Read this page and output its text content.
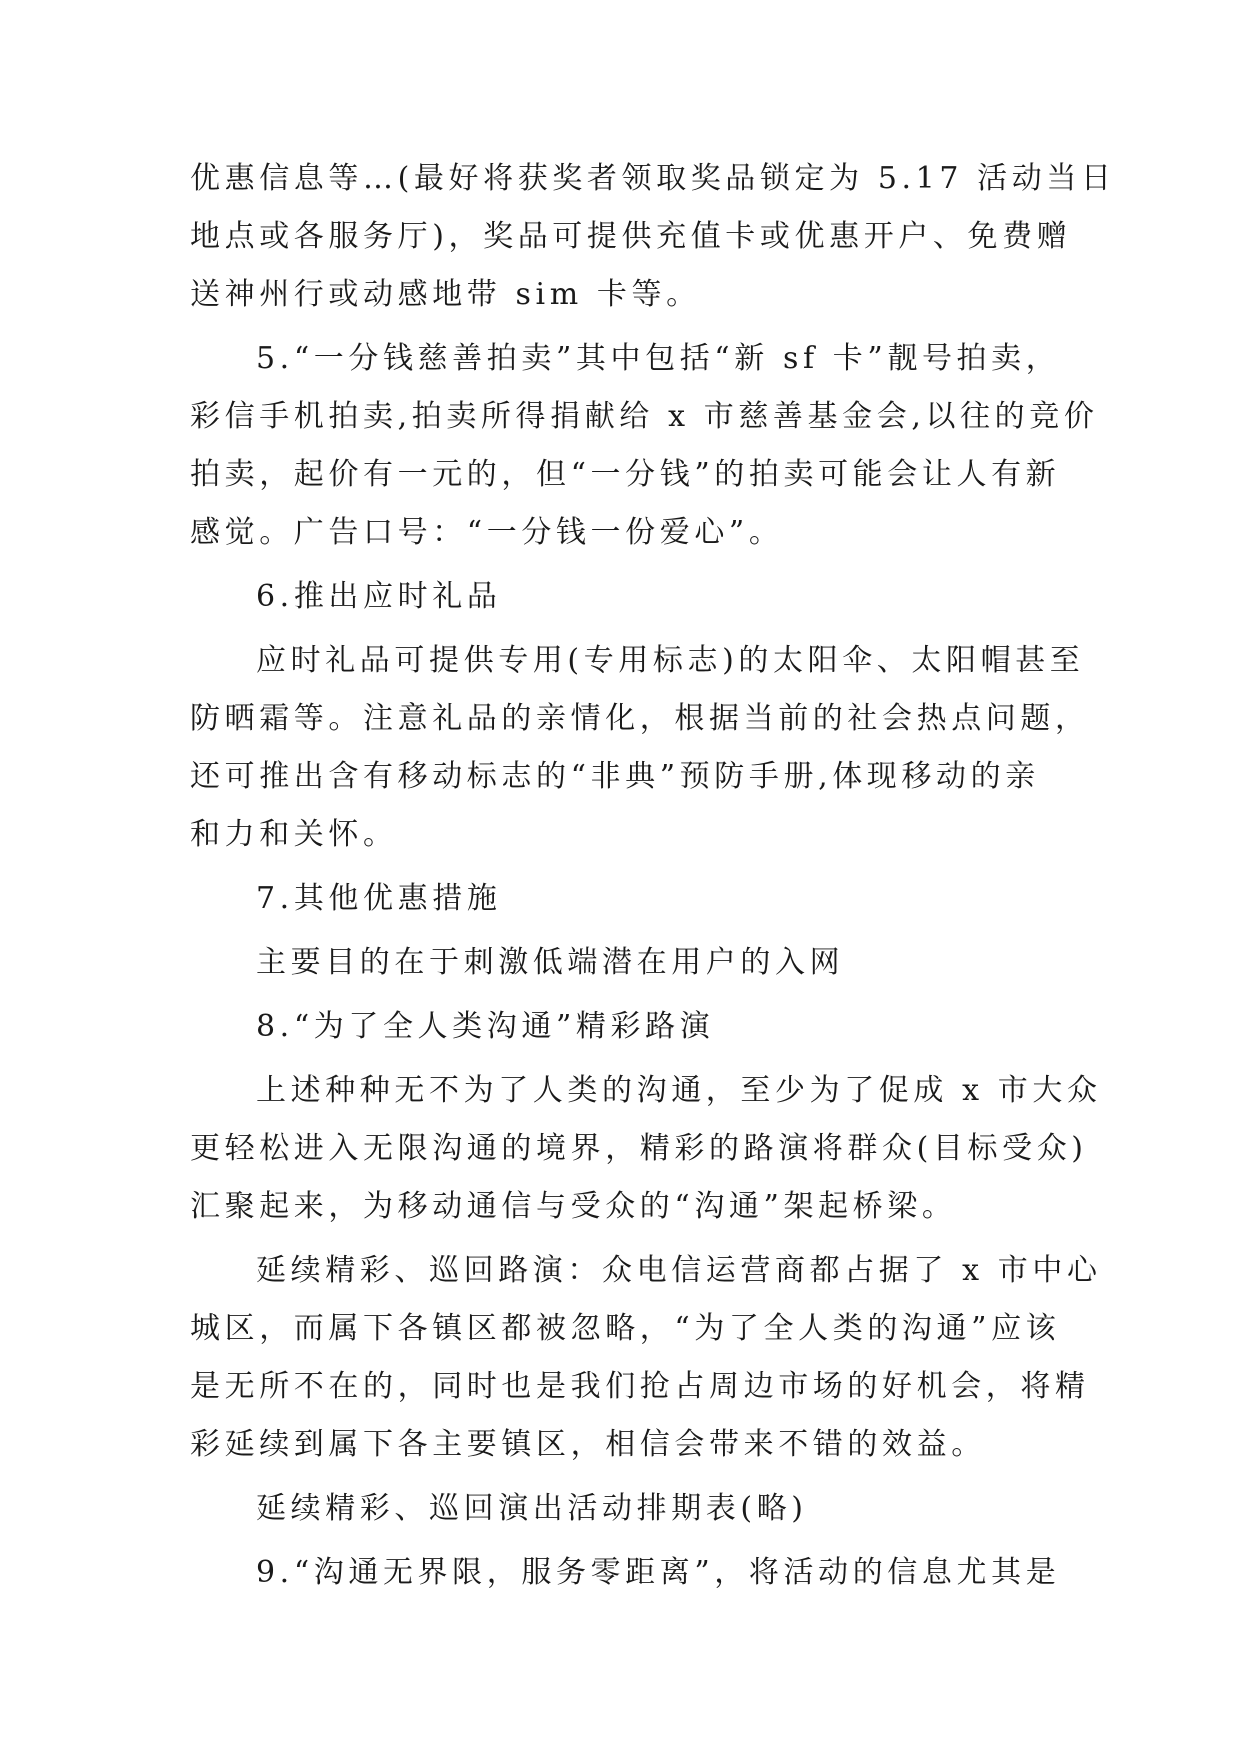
优惠信息等…(最好将获奖者领取奖品锁定为 5.17 活动当日

地点或各服务厅)，奖品可提供充值卡或优惠开户、免费赠

送神州行或动感地带 sim 卡等。

5.“一分钱慈善拍卖”其中包括“新 sf 卡”靓号拍卖，

彩信手机拍卖,拍卖所得捐献给 x 市慈善基金会,以往的竞价

拍卖，起价有一元的，但“一分钱”的拍卖可能会让人有新

感觉。广告口号：“一分钱一份爱心”。

6.推出应时礼品

应时礼品可提供专用(专用标志)的太阳伞、太阳帽甚至

防晒霜等。注意礼品的亲情化，根据当前的社会热点问题，

还可推出含有移动标志的“非典”预防手册,体现移动的亲

和力和关怀。

7.其他优惠措施

主要目的在于刺激低端潜在用户的入网

8.“为了全人类沟通”精彩路演

上述种种无不为了人类的沟通，至少为了促成 x 市大众

更轻松进入无限沟通的境界，精彩的路演将群众(目标受众)

汇聚起来，为移动通信与受众的“沟通”架起桥梁。

延续精彩、巡回路演：众电信运营商都占据了 x 市中心

城区，而属下各镇区都被忽略，“为了全人类的沟通”应该

是无所不在的，同时也是我们抢占周边市场的好机会，将精

彩延续到属下各主要镇区，相信会带来不错的效益。

延续精彩、巡回演出活动排期表(略)

9.“沟通无界限，服务零距离”，将活动的信息尤其是
